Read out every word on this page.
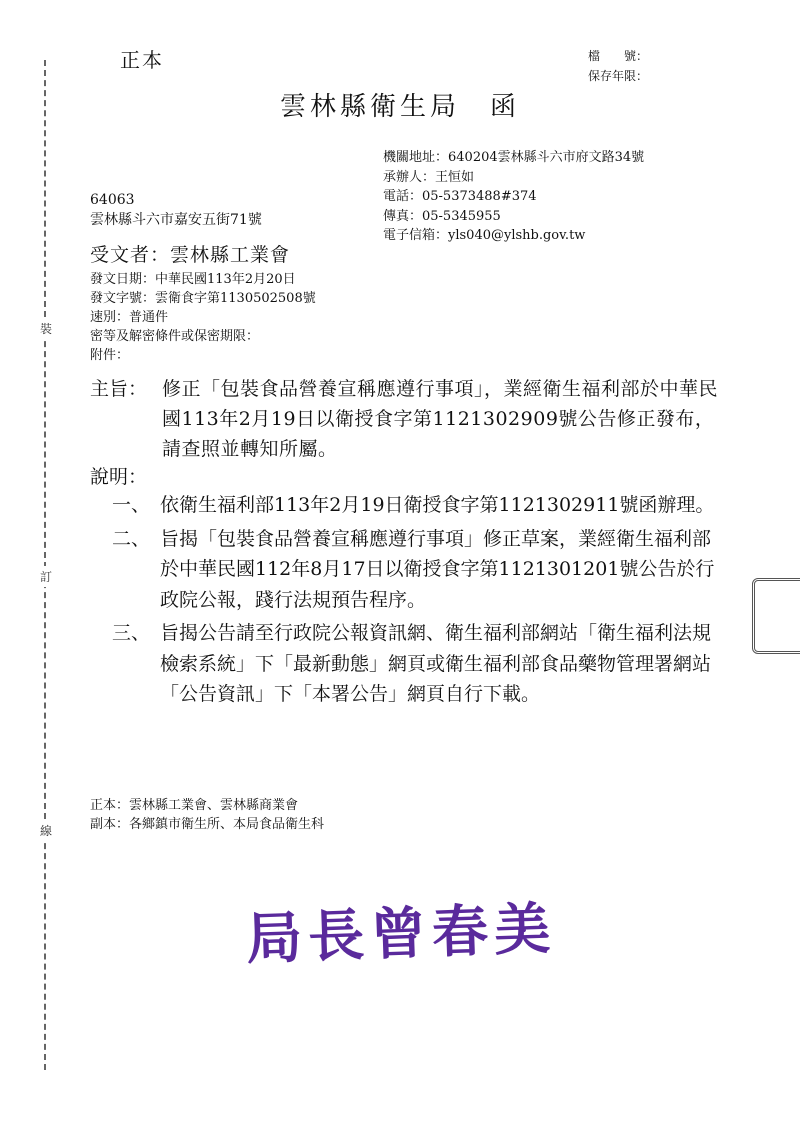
正本	檔　　號：
保存年限：
雲林縣衛生局　函
機關地址：640204雲林縣斗六市府文路34號
承辦人：王恒如
電話：05-5373488#374
傳真：05-5345955
電子信箱：yls040@ylshb.gov.tw
64063
雲林縣斗六市嘉安五街71號
受文者：雲林縣工業會
發文日期：中華民國113年2月20日
發文字號：雲衛食字第1130502508號
速別：普通件
密等及解密條件或保密期限：
附件：
裝
訂
線
主旨： 修正「包裝食品營養宣稱應遵行事項」，業經衛生福利部於中華民國113年2月19日以衛授食字第1121302909號公告修正發布，請查照並轉知所屬。
說明：
一、 依衛生福利部113年2月19日衛授食字第1121302911號函辦理。
二、 旨揭「包裝食品營養宣稱應遵行事項」修正草案，業經衛生福利部於中華民國112年8月17日以衛授食字第1121301201號公告於行政院公報，踐行法規預告程序。
三、 旨揭公告請至行政院公報資訊網、衛生福利部網站「衛生福利法規檢索系統」下「最新動態」網頁或衛生福利部食品藥物管理署網站「公告資訊」下「本署公告」網頁自行下載。
正本：雲林縣工業會、雲林縣商業會
副本：各鄉鎮市衛生所、本局食品衛生科
局長曾春美
